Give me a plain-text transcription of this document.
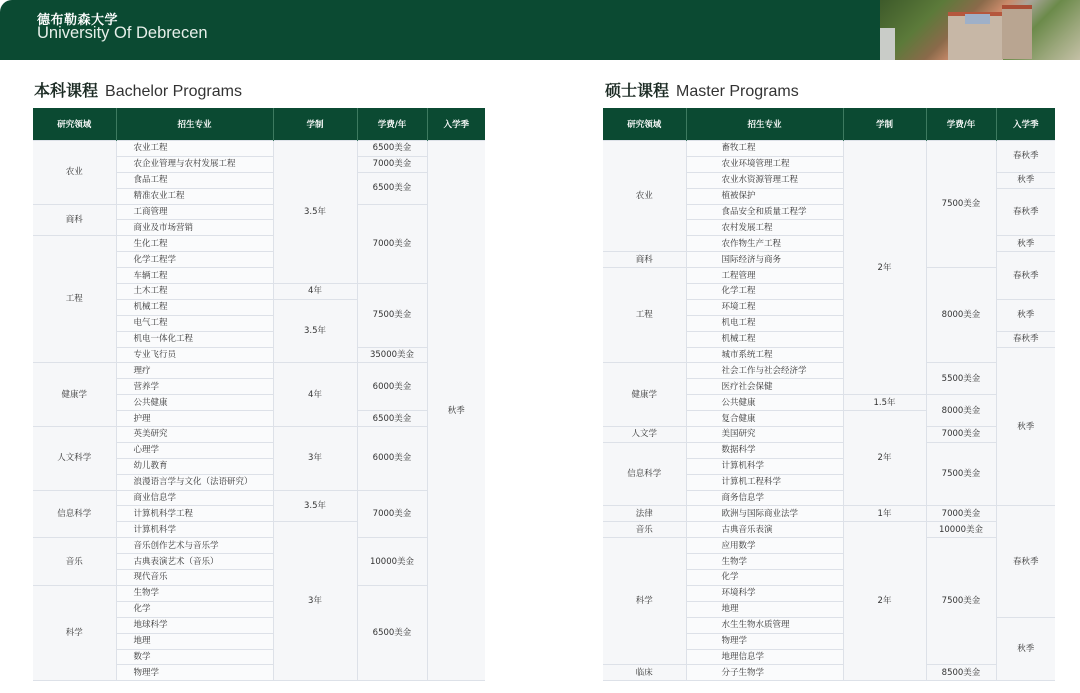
德布勒森大学
University Of Debrecen
本科课程 Bachelor Programs	硕士课程 Master Programs
研究领域	招生专业	学制	学费/年	入学季
农业	农业工程	3.5年	6500美金	秋季
	农企业管理与农村发展工程		7000美金	
	食品工程		6500美金	
	精准农业工程			
商科	工商管理		7000美金	
	商业及市场营销			
工程	生化工程			
	化学工程学			
	车辆工程			
	土木工程	4年	7500美金	
	机械工程	3.5年		
	电气工程			
	机电一体化工程			
	专业飞行员		35000美金	
健康学	理疗	4年	6000美金	
	营养学			
	公共健康			
	护理		6500美金	
人文科学	英美研究	3年	6000美金	
	心理学			
	幼儿教育			
	浪漫语言学与文化（法语研究）			
信息科学	商业信息学	3.5年	7000美金	
	计算机科学工程			
	计算机科学	3年		
音乐	音乐创作艺术与音乐学		10000美金	
	古典表演艺术（音乐）			
	现代音乐			
科学	生物学		6500美金	
	化学			
	地球科学			
	地理			
	数学			
	物理学			
研究领域	招生专业	学制	学费/年	入学季
农业	畜牧工程	2年	7500美金	春秋季
	农业环境管理工程			
	农业水资源管理工程			秋季
	植被保护			春秋季
	食品安全和质量工程学			
	农村发展工程			
	农作物生产工程			秋季
商科	国际经济与商务			春秋季
工程	工程管理		8000美金	
	化学工程			
	环境工程			秋季
	机电工程			
	机械工程			春秋季
	城市系统工程			秋季
健康学	社会工作与社会经济学		5500美金	
	医疗社会保健			
	公共健康	1.5年	8000美金	
	复合健康	2年		
人文学	美国研究		7000美金	
信息科学	数据科学		7500美金	
	计算机科学			
	计算机工程科学			
	商务信息学			
法律	欧洲与国际商业法学	1年	7000美金	春秋季
音乐	古典音乐表演	2年	10000美金	
科学	应用数学		7500美金	
	生物学			
	化学			
	环境科学			
	地理			
	水生生物水质管理			秋季
	物理学			
	地理信息学			
临床	分子生物学		8500美金	
